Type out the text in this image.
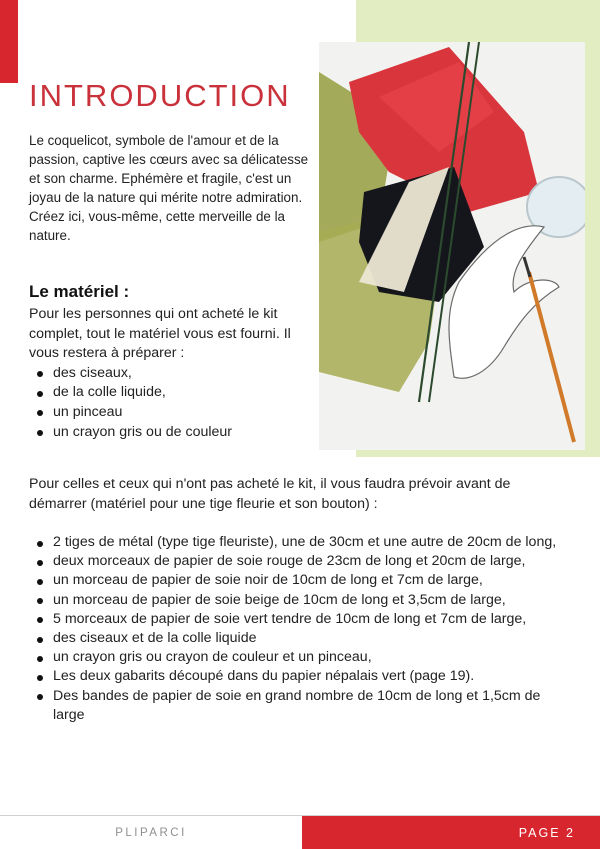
INTRODUCTION

Le coquelicot, symbole de l'amour et de la passion, captive les cœurs avec sa délicatesse et son charme. Ephémère et fragile, c'est un joyau de la nature qui mérite notre admiration.

Créez ici, vous-même, cette merveille de la nature.

Le matériel :

Pour les personnes qui ont acheté le kit complet, tout le matériel vous est fourni. Il vous restera à préparer :

des ciseaux,
de la colle liquide,
un pinceau
un crayon gris ou de couleur

Pour celles et ceux qui n'ont pas acheté le kit, il vous faudra prévoir avant de démarrer (matériel pour une tige fleurie et son bouton) :

2 tiges de métal (type tige fleuriste), une de 30cm et une autre de 20cm de long,
deux morceaux de papier de soie rouge de 23cm de long et 20cm de large,
un morceau de papier de soie noir de 10cm de long et 7cm de large,
un morceau de papier de soie beige de 10cm de long et 3,5cm de large,
5 morceaux de papier de soie vert tendre de 10cm de long et 7cm de large,
des ciseaux et de la colle liquide
un crayon gris ou crayon de couleur et un pinceau,
Les deux gabarits découpé dans du papier népalais vert (page 19).
Des bandes de papier de soie en grand nombre de 10cm de long et 1,5cm de large
PLIPARCI	PAGE 2
